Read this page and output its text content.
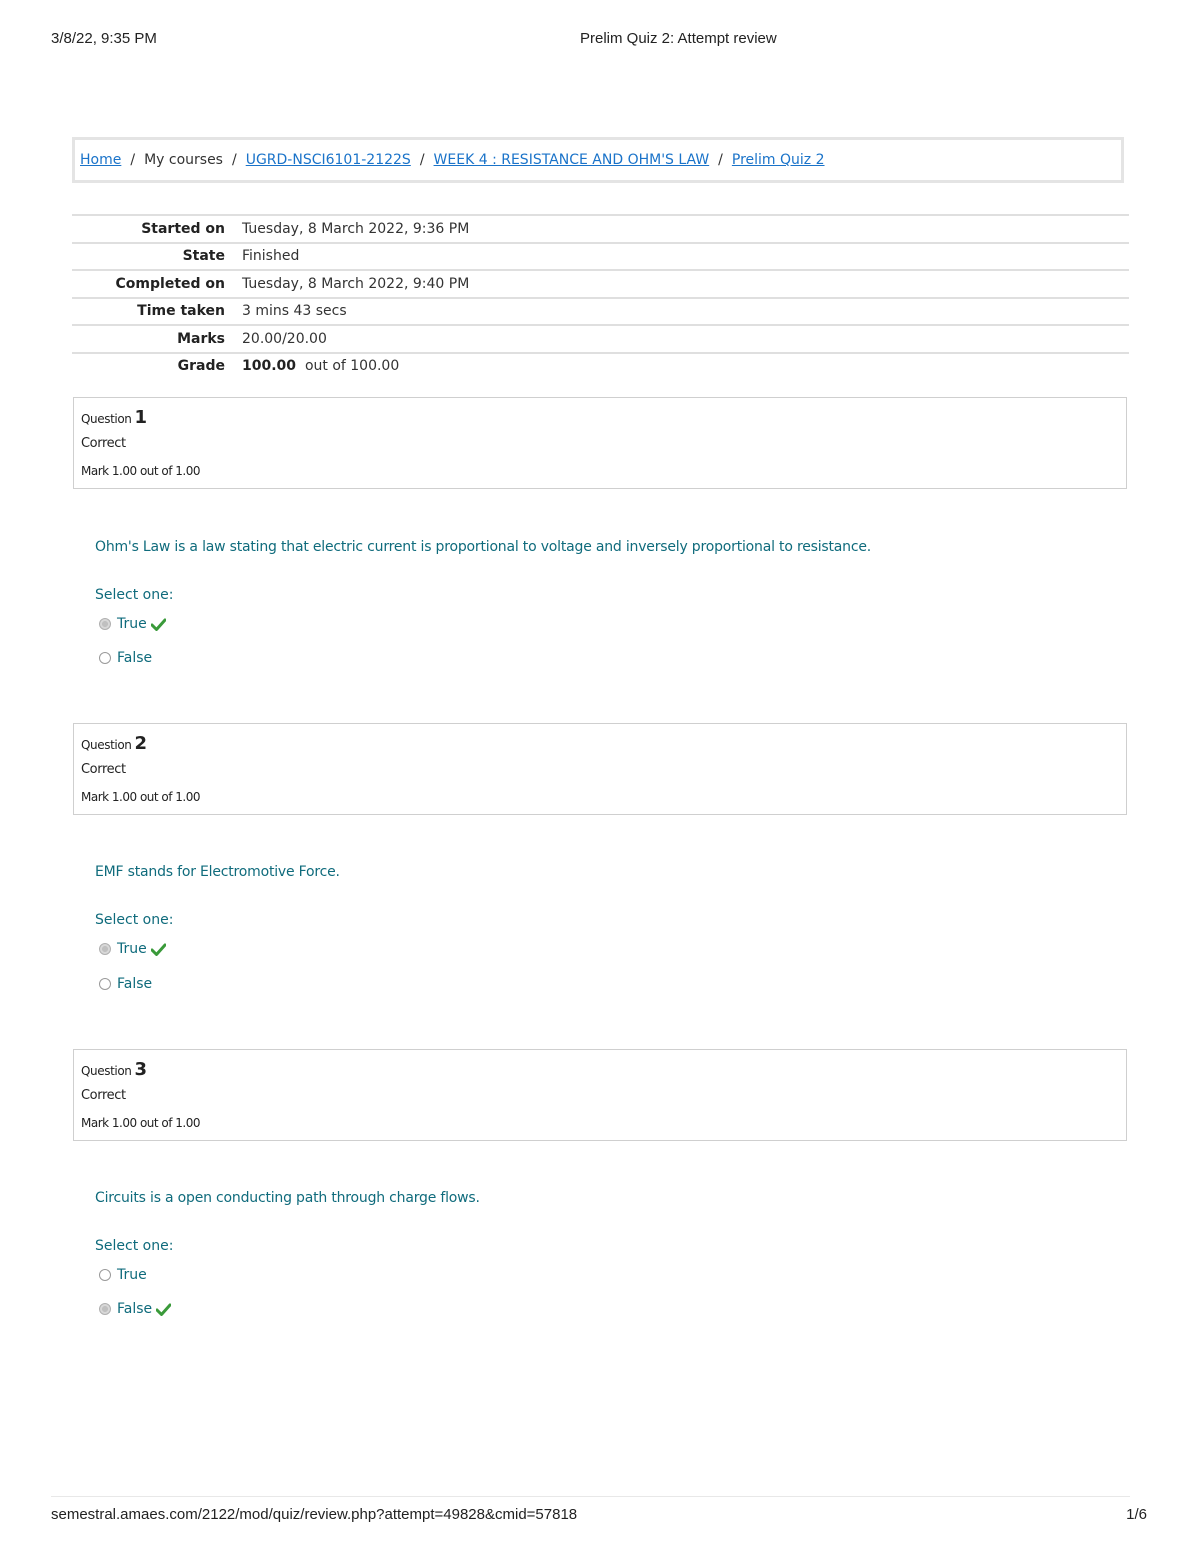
3/8/22, 9:35 PM	Prelim Quiz 2: Attempt review
Home / My courses / UGRD-NSCI6101-2122S / WEEK 4 : RESISTANCE AND OHM'S LAW / Prelim Quiz 2
Started on	Tuesday, 8 March 2022, 9:36 PM
State	Finished
Completed on	Tuesday, 8 March 2022, 9:40 PM
Time taken	3 mins 43 secs
Marks	20.00/20.00
Grade	100.00 out of 100.00
Question 1
Correct
Mark 1.00 out of 1.00
Ohm's Law is a law stating that electric current is proportional to voltage and inversely proportional to resistance.
Select one:
True
False
Question 2
Correct
Mark 1.00 out of 1.00
EMF stands for Electromotive Force.
Select one:
True
False
Question 3
Correct
Mark 1.00 out of 1.00
Circuits is a open conducting path through charge flows.
Select one:
True
False
semestral.amaes.com/2122/mod/quiz/review.php?attempt=49828&cmid=57818	1/6
